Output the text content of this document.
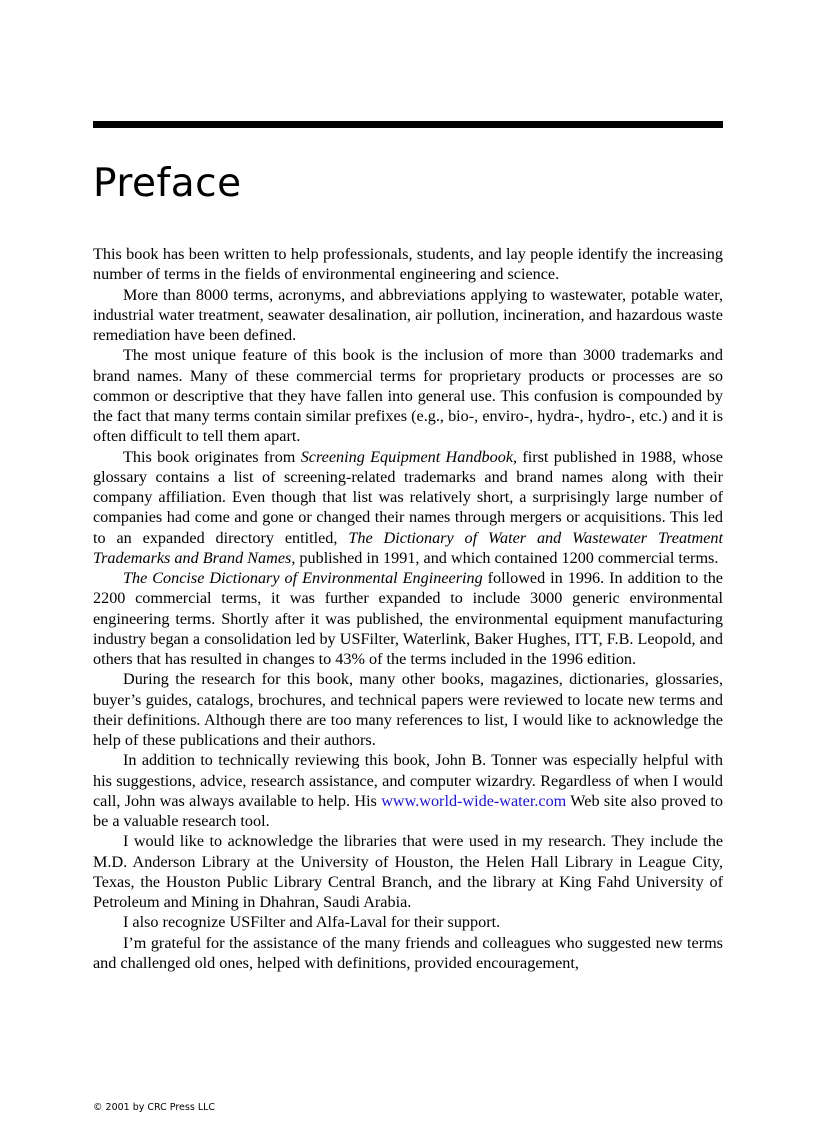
Preface

This book has been written to help professionals, students, and lay people identify the increasing number of terms in the fields of environmental engineering and science.

More than 8000 terms, acronyms, and abbreviations applying to wastewater, potable water, industrial water treatment, seawater desalination, air pollution, incineration, and hazardous waste remediation have been defined.

The most unique feature of this book is the inclusion of more than 3000 trademarks and brand names. Many of these commercial terms for proprietary products or processes are so common or descriptive that they have fallen into general use. This confusion is compounded by the fact that many terms contain similar prefixes (e.g., bio-, enviro-, hydra-, hydro-, etc.) and it is often difficult to tell them apart.

This book originates from Screening Equipment Handbook, first published in 1988, whose glossary contains a list of screening-related trademarks and brand names along with their company affiliation. Even though that list was relatively short, a surprisingly large number of companies had come and gone or changed their names through mergers or acquisitions. This led to an expanded directory entitled, The Dictionary of Water and Wastewater Treatment Trademarks and Brand Names, published in 1991, and which contained 1200 commercial terms.

The Concise Dictionary of Environmental Engineering followed in 1996. In addition to the 2200 commercial terms, it was further expanded to include 3000 generic environmental engineering terms. Shortly after it was published, the environmental equipment manufacturing industry began a consolidation led by USFilter, Waterlink, Baker Hughes, ITT, F.B. Leopold, and others that has resulted in changes to 43% of the terms included in the 1996 edition.

During the research for this book, many other books, magazines, dictionaries, glossaries, buyer’s guides, catalogs, brochures, and technical papers were reviewed to locate new terms and their definitions. Although there are too many references to list, I would like to acknowledge the help of these publications and their authors.

In addition to technically reviewing this book, John B. Tonner was especially helpful with his suggestions, advice, research assistance, and computer wizardry. Regardless of when I would call, John was always available to help. His www.world-wide-water.com Web site also proved to be a valuable research tool.

I would like to acknowledge the libraries that were used in my research. They include the M.D. Anderson Library at the University of Houston, the Helen Hall Library in League City, Texas, the Houston Public Library Central Branch, and the library at King Fahd University of Petroleum and Mining in Dhahran, Saudi Arabia.

I also recognize USFilter and Alfa-Laval for their support.

I’m grateful for the assistance of the many friends and colleagues who suggested new terms and challenged old ones, helped with definitions, provided encouragement,

© 2001 by CRC Press LLC
